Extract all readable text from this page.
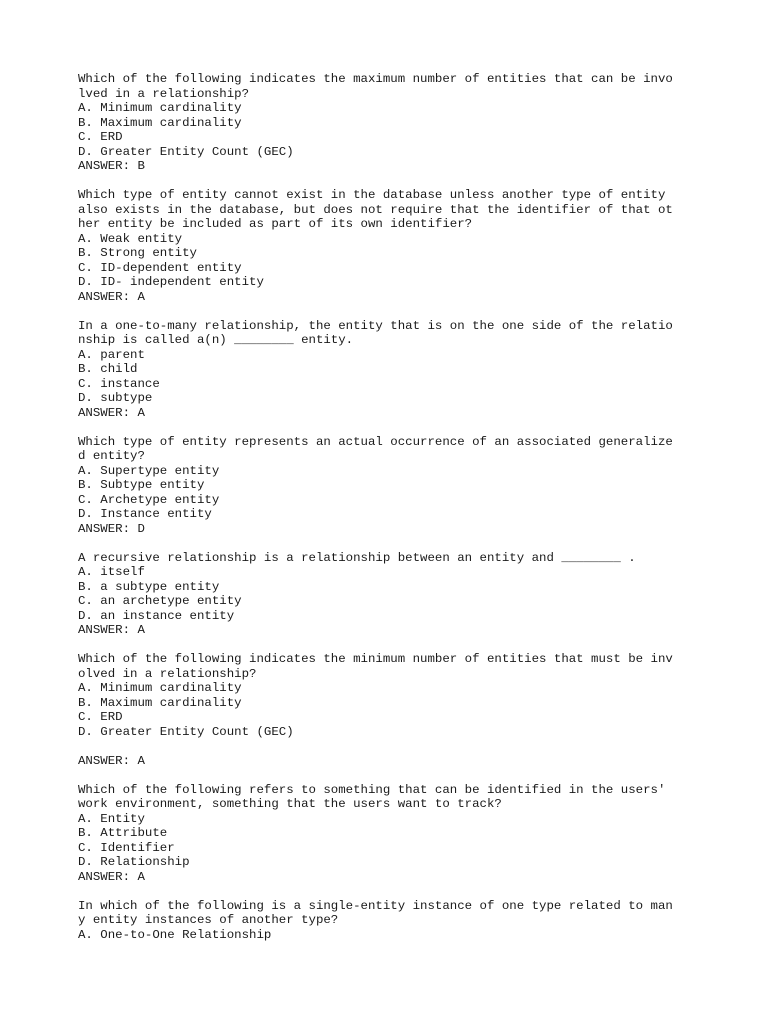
Which of the following indicates the maximum number of entities that can be invo
lved in a relationship?
A. Minimum cardinality
B. Maximum cardinality
C. ERD
D. Greater Entity Count (GEC)
ANSWER: B
Which type of entity cannot exist in the database unless another type of entity
also exists in the database, but does not require that the identifier of that ot
her entity be included as part of its own identifier?
A. Weak entity
B. Strong entity
C. ID-dependent entity
D. ID- independent entity
ANSWER: A
In a one-to-many relationship, the entity that is on the one side of the relatio
nship is called a(n) ________ entity.
A. parent
B. child
C. instance
D. subtype
ANSWER: A
Which type of entity represents an actual occurrence of an associated generalize
d entity?
A. Supertype entity
B. Subtype entity
C. Archetype entity
D. Instance entity
ANSWER: D
A recursive relationship is a relationship between an entity and ________ .
A. itself
B. a subtype entity
C. an archetype entity
D. an instance entity
ANSWER: A
Which of the following indicates the minimum number of entities that must be inv
olved in a relationship?
A. Minimum cardinality
B. Maximum cardinality
C. ERD
D. Greater Entity Count (GEC)
ANSWER: A
Which of the following refers to something that can be identified in the users'
work environment, something that the users want to track?
A. Entity
B. Attribute
C. Identifier
D. Relationship
ANSWER: A
In which of the following is a single-entity instance of one type related to man
y entity instances of another type?
A. One-to-One Relationship
